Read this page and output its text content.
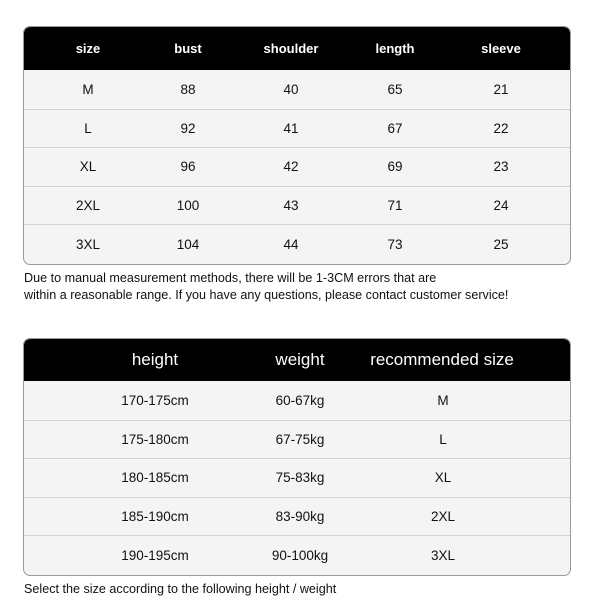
size	bust	shoulder	length	sleeve
M	88	40	65	21
L	92	41	67	22
XL	96	42	69	23
2XL	100	43	71	24
3XL	104	44	73	25
Due to manual measurement methods, there will be 1-3CM errors that are
within a reasonable range. If you have any questions, please contact customer service!
height	weight	recommended size
170-175cm	60-67kg	M
175-180cm	67-75kg	L
180-185cm	75-83kg	XL
185-190cm	83-90kg	2XL
190-195cm	90-100kg	3XL
Select the size according to the following height / weight
